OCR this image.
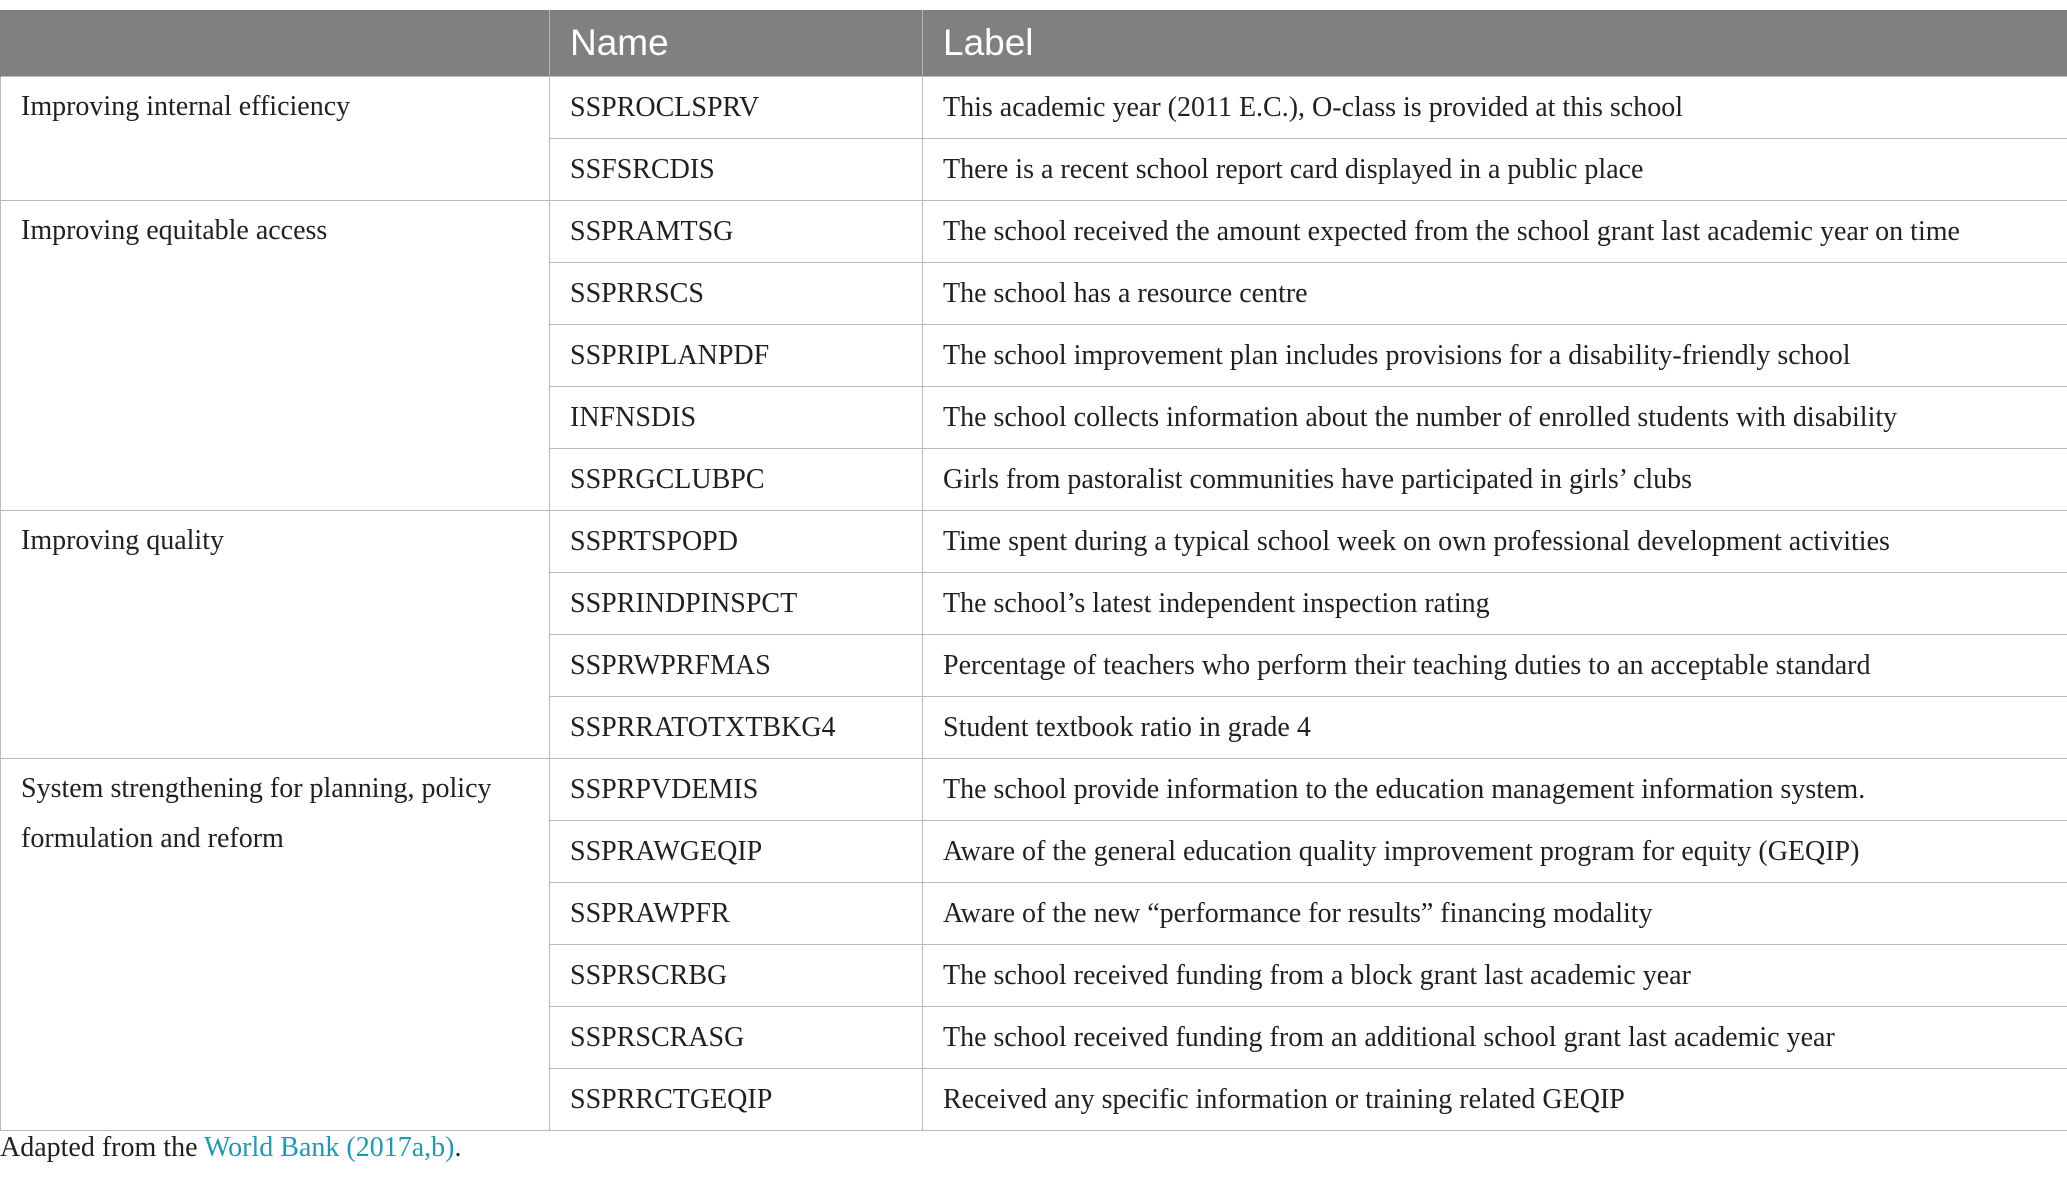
	Name	Label

Improving internal efficiency	SSPROCLSPRV	This academic year (2011 E.C.), O-class is provided at this school
	SSFSRCDIS	There is a recent school report card displayed in a public place

Improving equitable access	SSPRAMTSG	The school received the amount expected from the school grant last academic year on time
	SSPRRSCS	The school has a resource centre
	SSPRIPLANPDF	The school improvement plan includes provisions for a disability-friendly school
	INFNSDIS	The school collects information about the number of enrolled students with disability
	SSPRGCLUBPC	Girls from pastoralist communities have participated in girls’ clubs

Improving quality	SSPRTSPOPD	Time spent during a typical school week on own professional development activities
	SSPRINDPINSPCT	The school’s latest independent inspection rating
	SSPRWPRFMAS	Percentage of teachers who perform their teaching duties to an acceptable standard
	SSPRRATOTXTBKG4	Student textbook ratio in grade 4

System strengthening for planning, policy formulation and reform	SSPRPVDEMIS	The school provide information to the education management information system.
	SSPRAWGEQIP	Aware of the general education quality improvement program for equity (GEQIP)
	SSPRAWPFR	Aware of the new “performance for results” financing modality
	SSPRSCRBG	The school received funding from a block grant last academic year
	SSPRSCRASG	The school received funding from an additional school grant last academic year
	SSPRRCTGEQIP	Received any specific information or training related GEQIP
Adapted from the World Bank (2017a,b).
